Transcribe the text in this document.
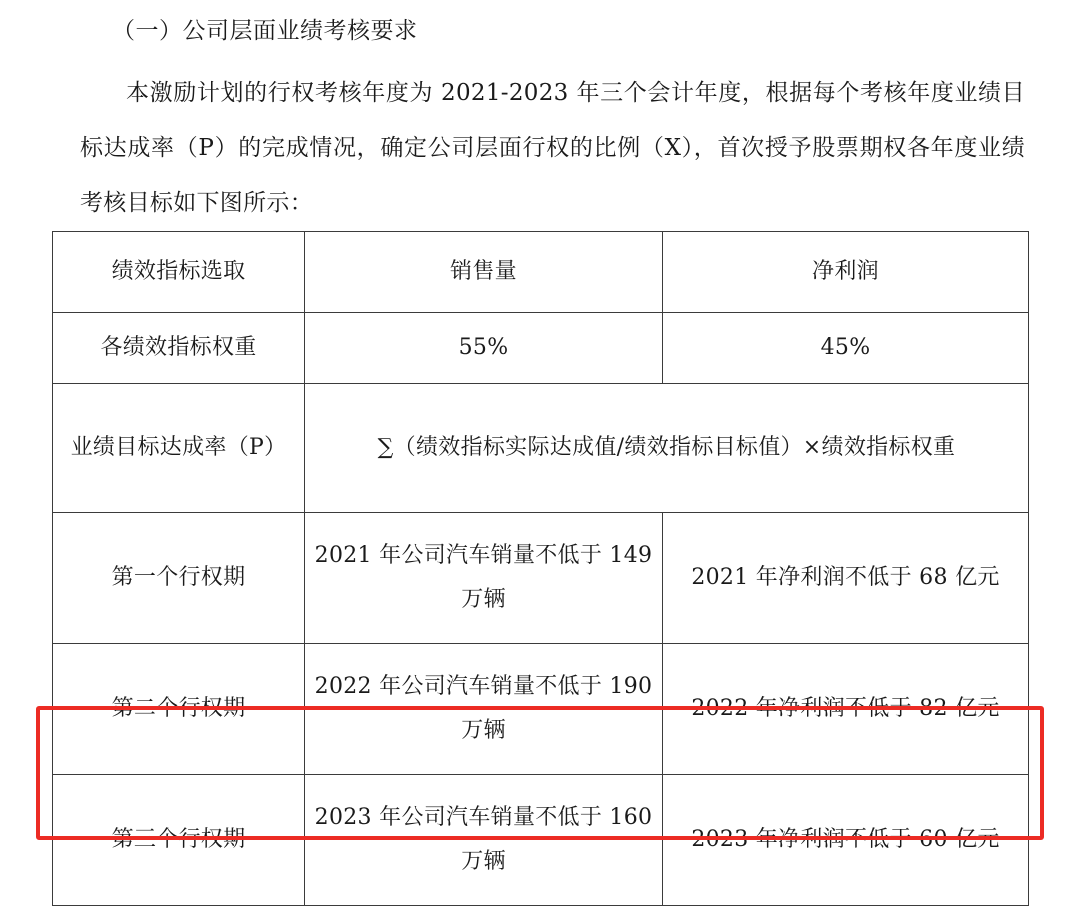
（一）公司层面业绩考核要求
本激励计划的行权考核年度为 2021-2023 年三个会计年度，根据每个考核年度业绩目标达成率（P）的完成情况，确定公司层面行权的比例（X），首次授予股票期权各年度业绩考核目标如下图所示：
绩效指标选取	销售量	净利润
各绩效指标权重	55%	45%
业绩目标达成率（P）	∑（绩效指标实际达成值/绩效指标目标值）×绩效指标权重	
第一个行权期	2021 年公司汽车销量不低于 149 万辆	2021 年净利润不低于 68 亿元
第二个行权期	2022 年公司汽车销量不低于 190 万辆	2022 年净利润不低于 82 亿元
第三个行权期	2023 年公司汽车销量不低于 160 万辆	2023 年净利润不低于 60 亿元
